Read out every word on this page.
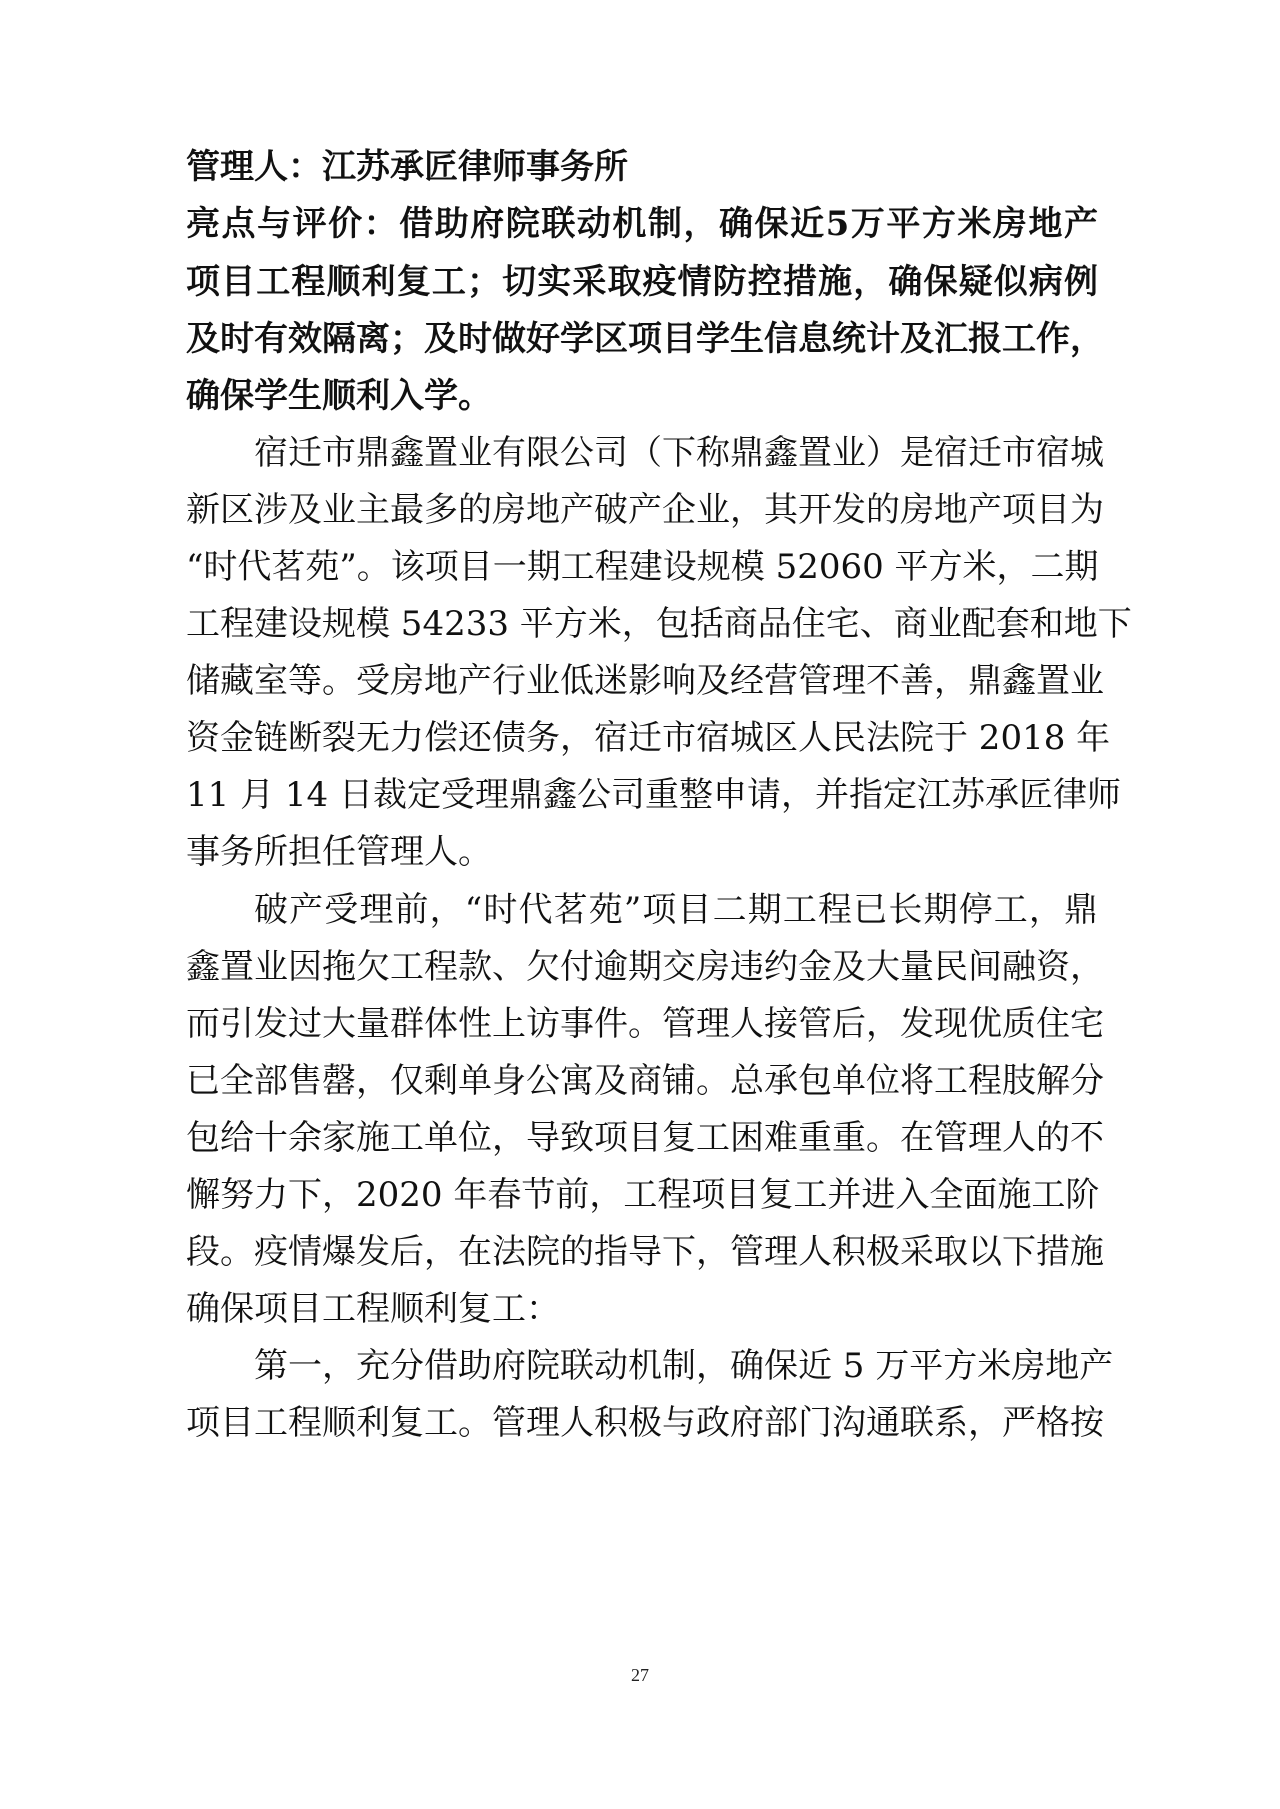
管理人：江苏承匠律师事务所
亮点与评价：借助府院联动机制，确保近5万平方米房地产
项目工程顺利复工；切实采取疫情防控措施，确保疑似病例
及时有效隔离；及时做好学区项目学生信息统计及汇报工作，
确保学生顺利入学。
宿迁市鼎鑫置业有限公司（下称鼎鑫置业）是宿迁市宿城
新区涉及业主最多的房地产破产企业，其开发的房地产项目为
“时代茗苑”。该项目一期工程建设规模 52060 平方米，二期
工程建设规模 54233 平方米，包括商品住宅、商业配套和地下
储藏室等。受房地产行业低迷影响及经营管理不善，鼎鑫置业
资金链断裂无力偿还债务，宿迁市宿城区人民法院于 2018 年
11 月 14 日裁定受理鼎鑫公司重整申请，并指定江苏承匠律师
事务所担任管理人。
破产受理前，“时代茗苑”项目二期工程已长期停工，鼎
鑫置业因拖欠工程款、欠付逾期交房违约金及大量民间融资，
而引发过大量群体性上访事件。管理人接管后，发现优质住宅
已全部售罄，仅剩单身公寓及商铺。总承包单位将工程肢解分
包给十余家施工单位，导致项目复工困难重重。在管理人的不
懈努力下，2020 年春节前，工程项目复工并进入全面施工阶
段。疫情爆发后，在法院的指导下，管理人积极采取以下措施
确保项目工程顺利复工：
第一，充分借助府院联动机制，确保近 5 万平方米房地产
项目工程顺利复工。管理人积极与政府部门沟通联系，严格按
27
